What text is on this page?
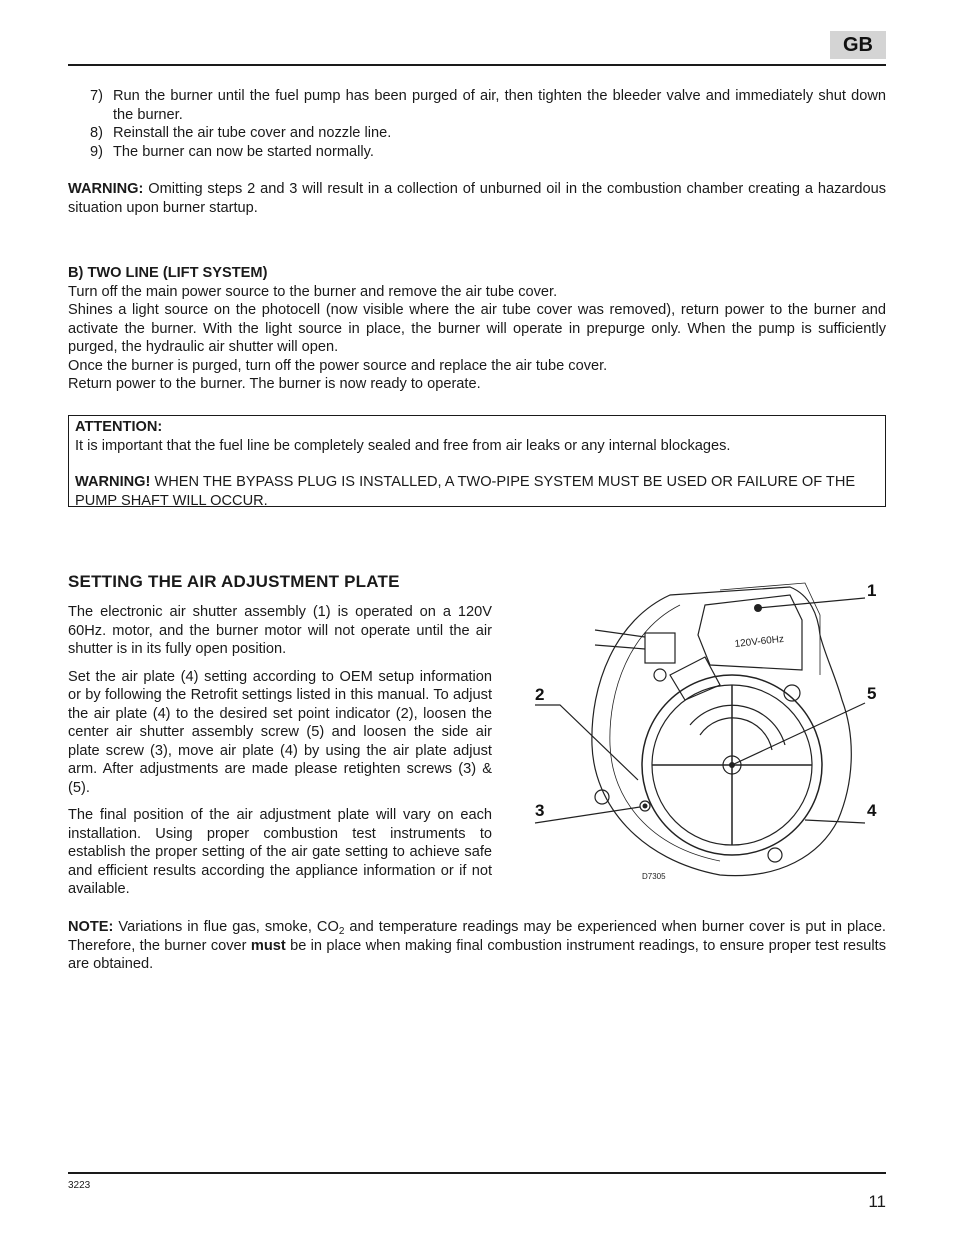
GB
7) Run the burner until the fuel pump has been purged of air, then tighten the bleeder valve and immediately shut down the burner.
8) Reinstall the air tube cover and nozzle line.
9) The burner can now be started normally.
WARNING: Omitting steps 2 and 3 will result in a collection of unburned oil in the combustion chamber creating a hazardous situation upon burner startup.
B) TWO LINE (LIFT SYSTEM)
Turn off the main power source to the burner and remove the air tube cover.
Shines a light source on the photocell (now visible where the air tube cover was removed), return power to the burner and activate the burner. With the light source in place, the burner will operate in prepurge only. When the pump is sufficiently purged, the hydraulic air shutter will open.
Once the burner is purged, turn off the power source and replace the air tube cover.
Return power to the burner. The burner is now ready to operate.
ATTENTION:
It is important that the fuel line be completely sealed and free from air leaks or any internal blockages.
WARNING! WHEN THE BYPASS PLUG IS INSTALLED, A TWO-PIPE SYSTEM MUST BE USED OR FAILURE OF THE PUMP SHAFT WILL OCCUR.
SETTING THE AIR ADJUSTMENT PLATE

The electronic air shutter assembly (1) is operated on a 120V 60Hz. motor, and the burner motor will not operate until the air shutter is in its fully open position.

Set the air plate (4) setting according to OEM setup information or by following the Retrofit settings listed in this manual. To adjust the air plate (4) to the desired set point indicator (2), loosen the center air shutter assembly screw (5) and loosen the side air plate screw (3), move air plate (4) by using the air plate adjust arm. After adjustments are made please retighten screws (3) & (5).

The final position of the air adjustment plate will vary on each installation. Using proper combustion test instruments to establish the proper setting of the air gate setting to achieve safe and efficient results according the appliance information or if not available.

120V-60Hz
D7305
1
2
3	4
5
NOTE: Variations in flue gas, smoke, $CO_2$ and temperature readings may be experienced when burner cover is put in place. Therefore, the burner cover must be in place when making final combustion instrument readings, to ensure proper test results are obtained.
3223
11
